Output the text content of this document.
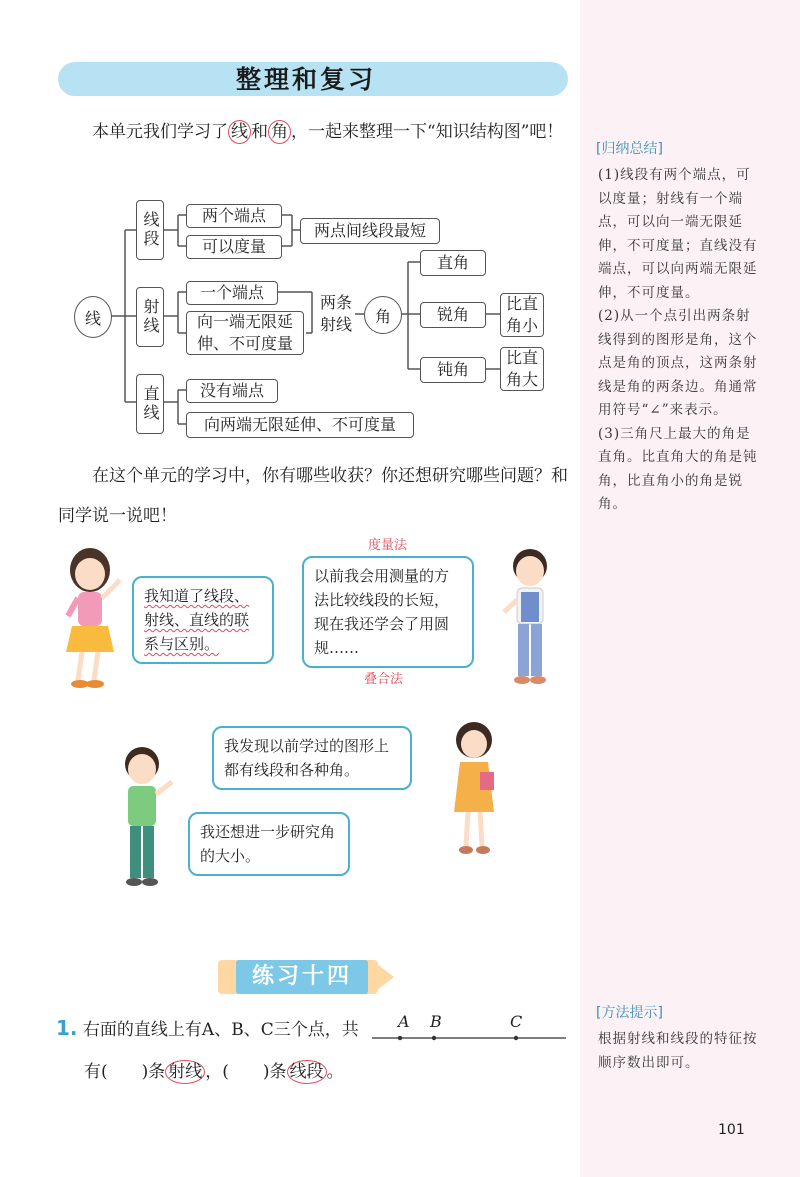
整理和复习
本单元我们学习了 线 和 角 ，一起来整理一下“知识结构图”吧！
线
线段	两个端点
可以度量
两点间线段最短
射线
一个端点
向一端无限延伸、不可度量
两条射线	角
直角
锐角
钝角
比直角小
比直角大
直线	没有端点
向两端无限延伸、不可度量
在这个单元的学习中，你有哪些收获？你还想研究哪些问题？和同学说一说吧！
我知道了线段、射线、直线的联系与区别。
以前我会用测量的方法比较线段的长短，现在我还学会了用圆规……
度量法
叠合法
我发现以前学过的图形上都有线段和各种角。
我还想进一步研究角的大小。
[归纳总结]
(1)线段有两个端点，可以度量；射线有一个端点，可以向一端无限延伸，不可度量；直线没有端点，可以向两端无限延伸，不可度量。
(2)从一个点引出两条射线得到的图形是角，这个点是角的顶点，这两条射线是角的两条边。角通常用符号“∠”来表示。
(3)三角尺上最大的角是直角。比直角大的角是钝角，比直角小的角是锐角。
[方法提示]
根据射线和线段的特征按顺序数出即可。
练习十四
1. 右面的直线上有A、B、C三个点，共
有(　　 )条 射线 ，(　　 )条 线段 。
A B	C
101
